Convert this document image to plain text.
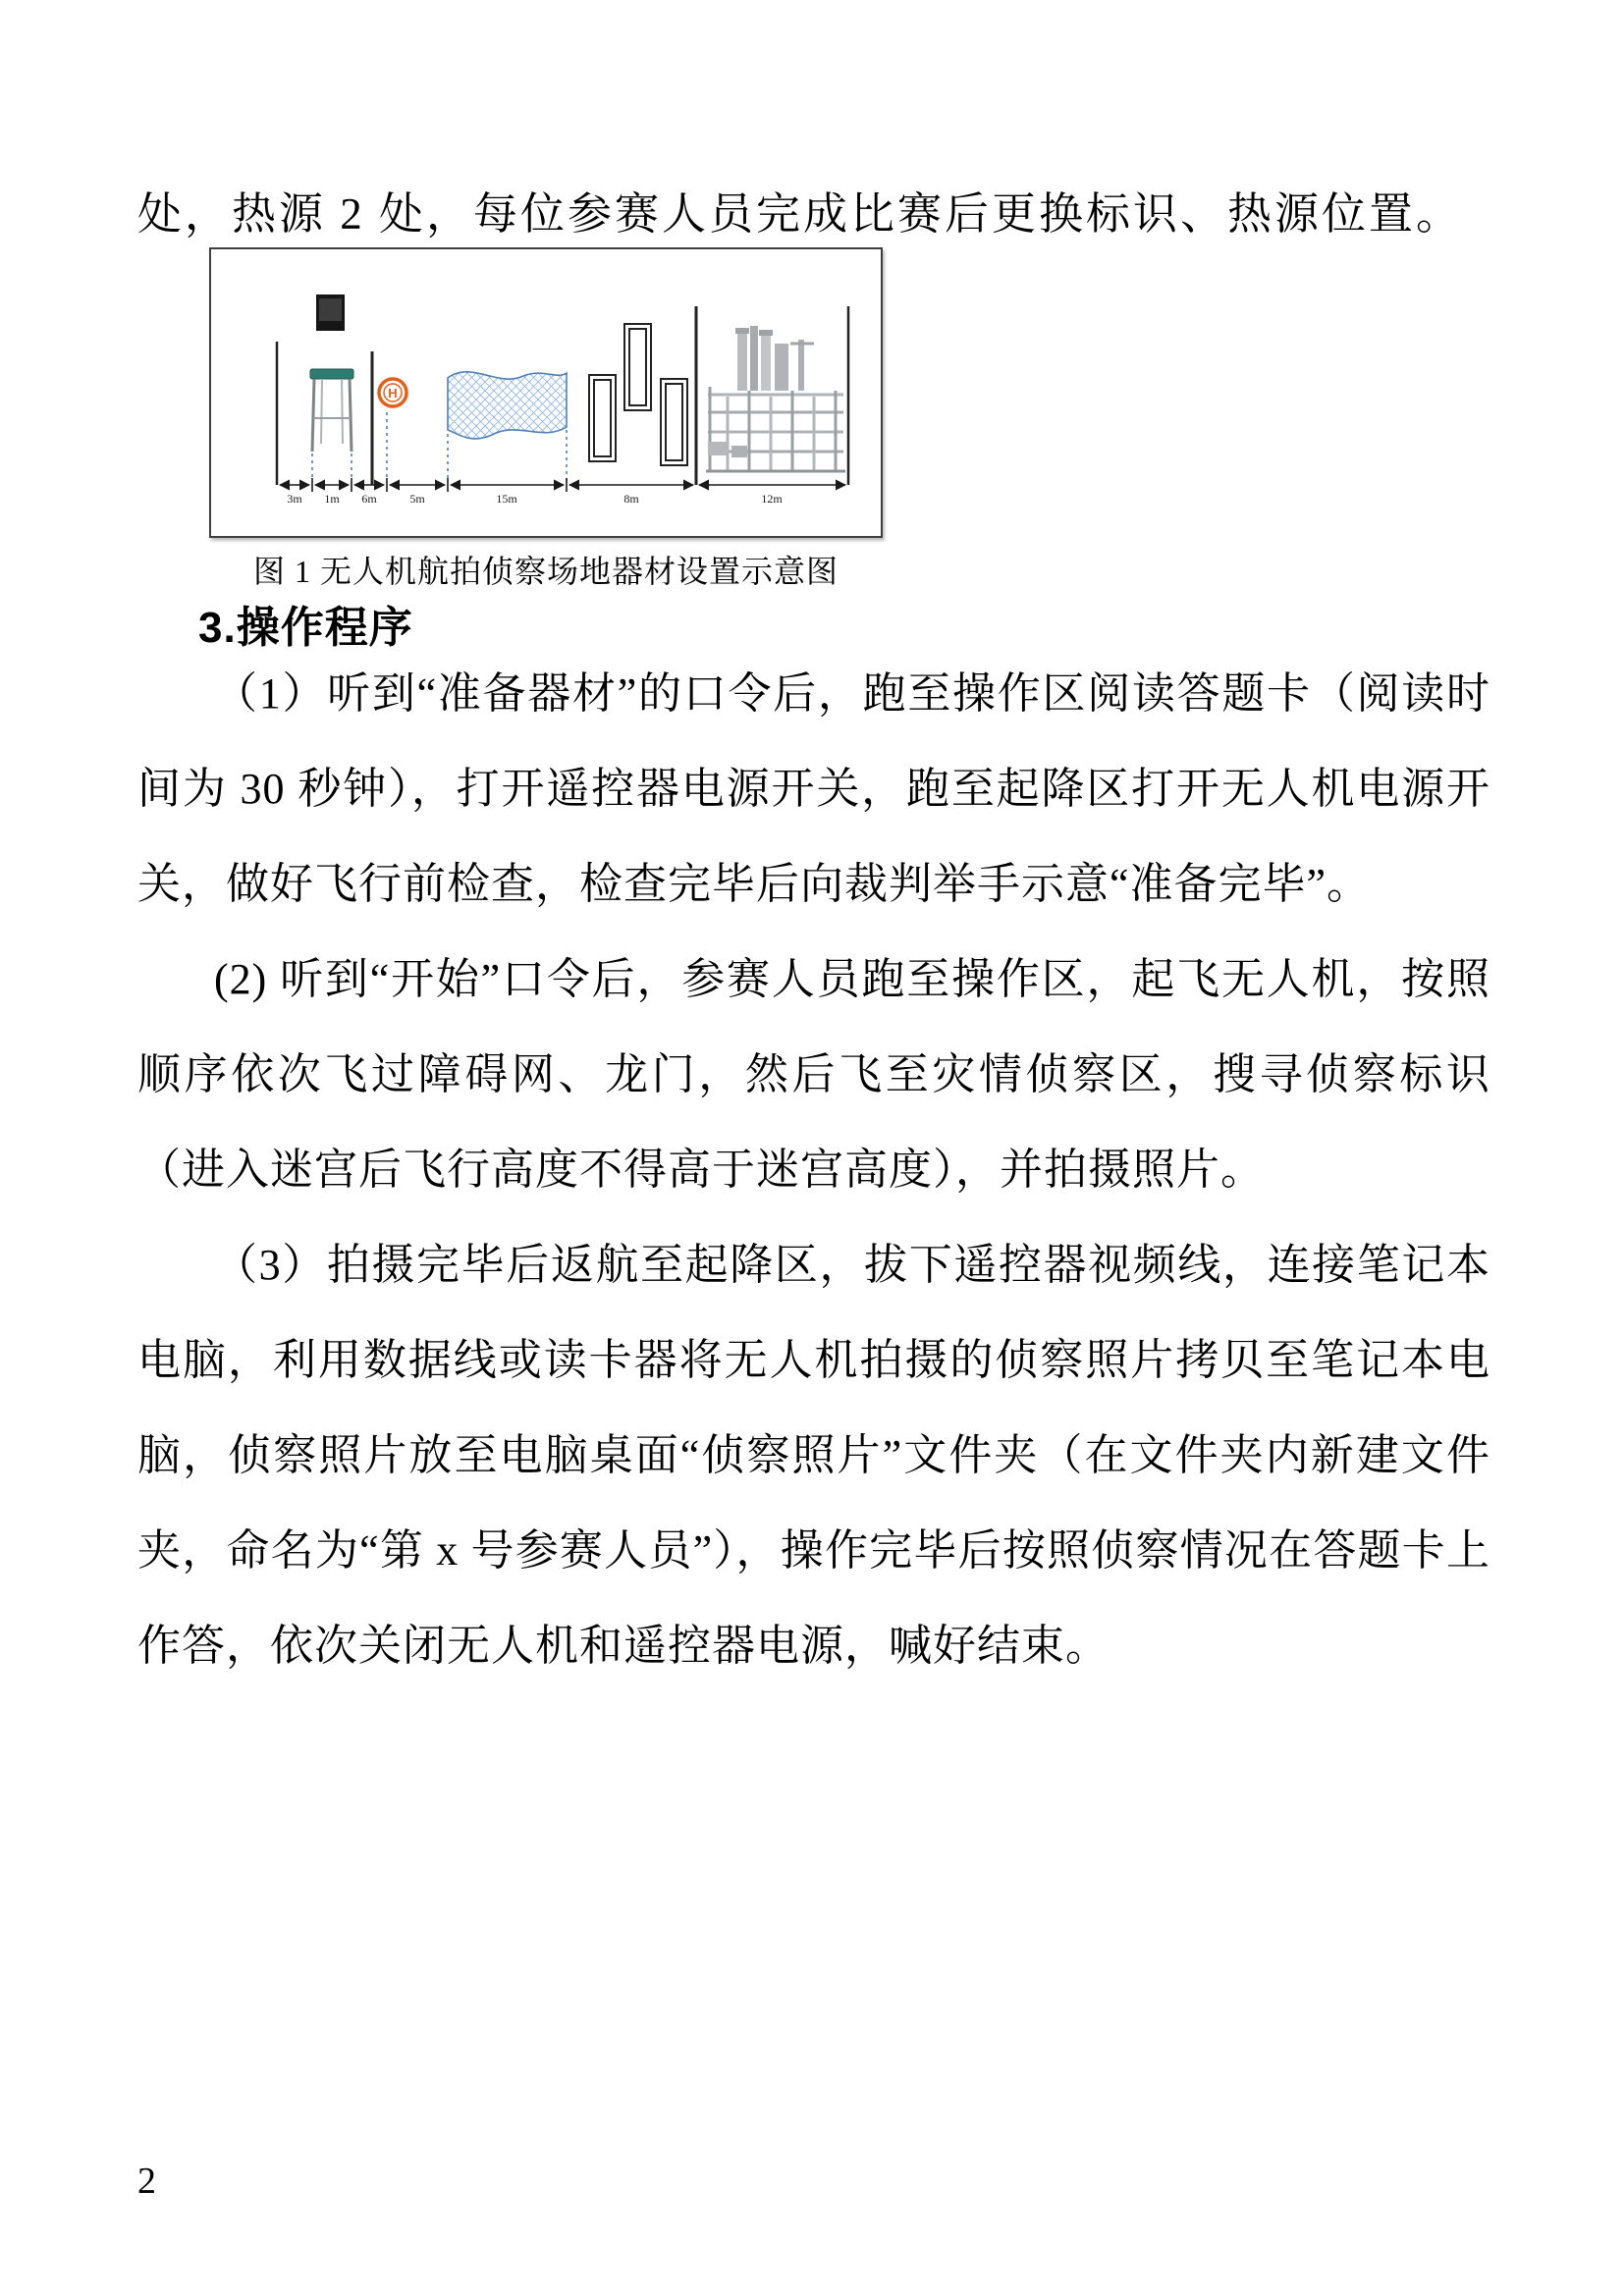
处，热源 2 处，每位参赛人员完成比赛后更换标识、热源位置。

H
3m 1m 6m	5m	15m	8m	12m
图 1 无人机航拍侦察场地器材设置示意图
3.操作程序

（1）听到“准备器材”的口令后，跑至操作区阅读答题卡（阅读时间为 30 秒钟），打开遥控器电源开关，跑至起降区打开无人机电源开关，做好飞行前检查，检查完毕后向裁判举手示意“准备完毕”。

(2) 听到“开始”口令后，参赛人员跑至操作区，起飞无人机，按照顺序依次飞过障碍网、龙门，然后飞至灾情侦察区，搜寻侦察标识（进入迷宫后飞行高度不得高于迷宫高度），并拍摄照片。

（3）拍摄完毕后返航至起降区，拔下遥控器视频线，连接笔记本电脑，利用数据线或读卡器将无人机拍摄的侦察照片拷贝至笔记本电脑，侦察照片放至电脑桌面“侦察照片”文件夹（在文件夹内新建文件夹，命名为“第 x 号参赛人员”），操作完毕后按照侦察情况在答题卡上作答，依次关闭无人机和遥控器电源，喊好结束。

2
